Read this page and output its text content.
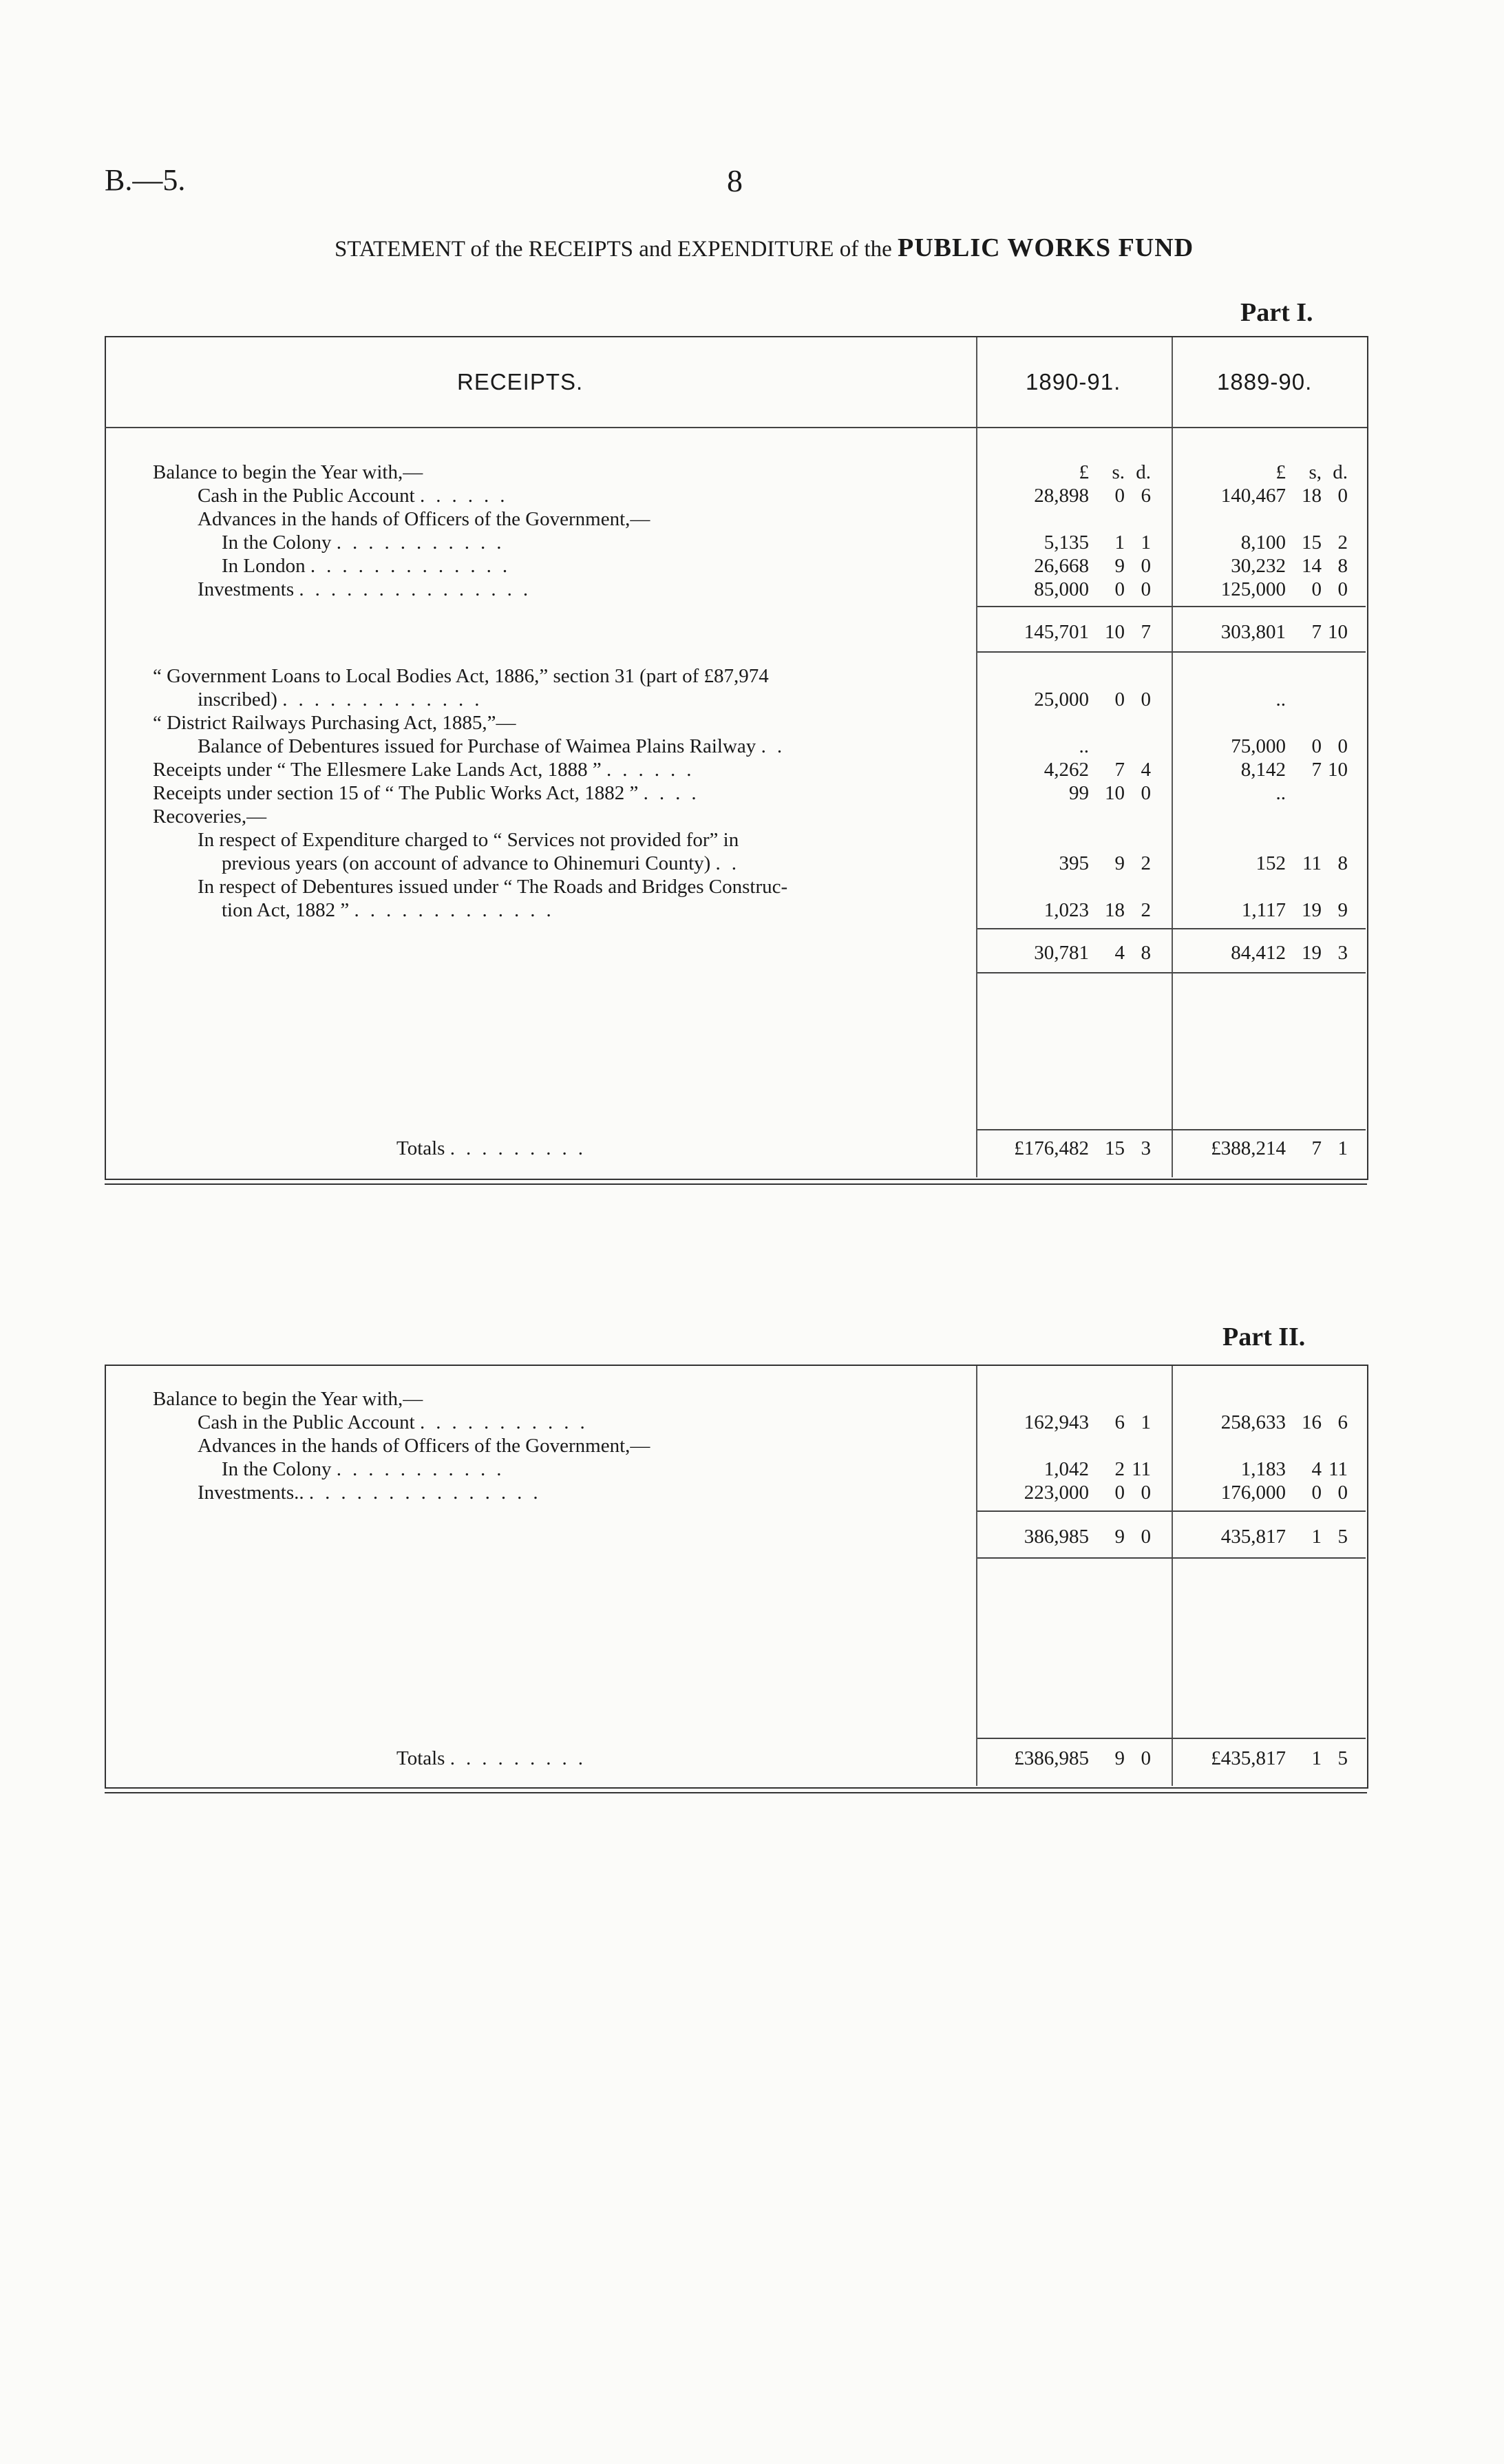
B.—5.	8
STATEMENT of the RECEIPTS and EXPENDITURE of the PUBLIC WORKS FUND
Part I.
RECEIPTS.	1890-91.	1889-90.
£ s. d.	£ s, d.
Balance to begin the Year with,—
Cash in the Public Account ......	28,898 0 6	140,467 18 0
Advances in the hands of Officers of the Government,—
In the Colony ...........	5,135 1 1	8,100 15 2
In London .............	26,668 9 0	30,232 14 8
Investments ...............	85,000 0 0	125,000 0 0
145,701 10 7	303,801 7 10
“ Government Loans to Local Bodies Act, 1886,” section 31 (part of £87,974
inscribed) .............	25,000 0 0	..
“ District Railways Purchasing Act, 1885,”—
Balance of Debentures issued for Purchase of Waimea Plains Railway ..	..	75,000 0 0
Receipts under “ The Ellesmere Lake Lands Act, 1888 ” ......	4,262 7 4	8,142 7 10
Receipts under section 15 of “ The Public Works Act, 1882 ” ....	99 10 0	..
Recoveries,—
In respect of Expenditure charged to “ Services not provided for” in
previous years (on account of advance to Ohinemuri County) ..	395 9 2	152 11 8
In respect of Debentures issued under “ The Roads and Bridges Construc-
tion Act, 1882 ” .............	1,023 18 2	1,117 19 9
30,781 4 8	84,412 19 3
Totals .........	£176,482 15 3	£388,214 7 1
Part II.
Balance to begin the Year with,—
Cash in the Public Account ...........	162,943 6 1	258,633 16 6
Advances in the hands of Officers of the Government,—
In the Colony ...........	1,042 2 11	1,183 4 11
Investments.. ...............	223,000 0 0	176,000 0 0
386,985 9 0	435,817 1 5
Totals .........	£386,985 9 0	£435,817 1 5
